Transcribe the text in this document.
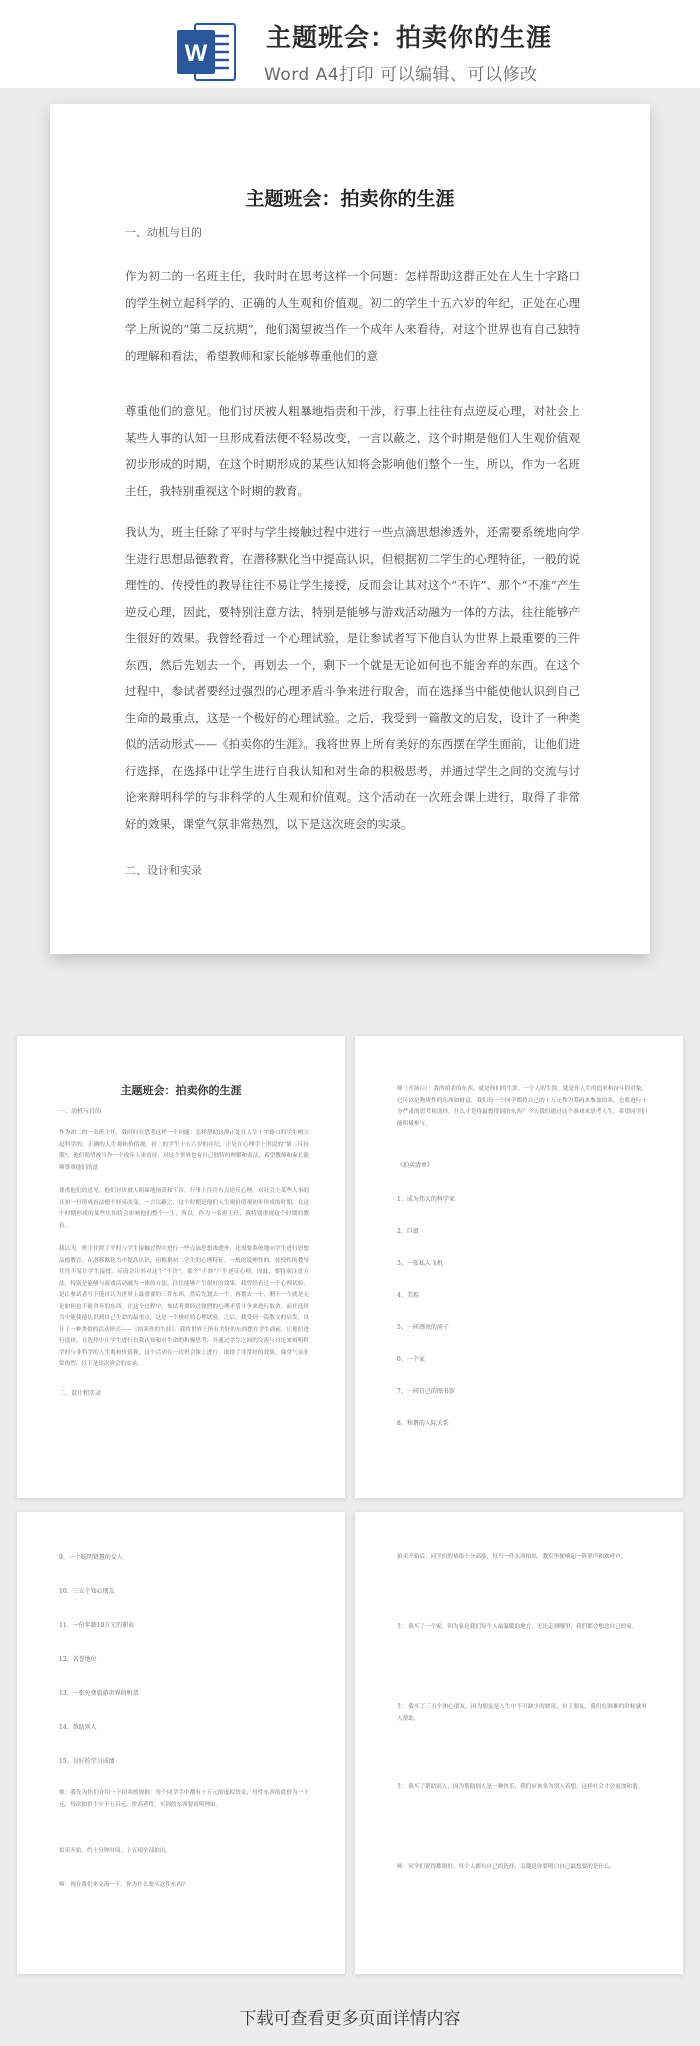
W
主题班会：拍卖你的生涯
Word A4打印 可以编辑、可以修改
主题班会：拍卖你的生涯
一、动机与目的
作为初二的一名班主任，我时时在思考这样一个问题：怎样帮助这群正处在人生十字路口的学生树立起科学的、正确的人生观和价值观。初二的学生十五六岁的年纪，正处在心理学上所说的“第二反抗期”，他们渴望被当作一个成年人来看待，对这个世界也有自己独特的理解和看法，希望教师和家长能够尊重他们的意
尊重他们的意见。他们讨厌被人粗暴地指责和干涉，行事上往往有点逆反心理，对社会上某些人事的认知一旦形成看法便不轻易改变，一言以蔽之，这个时期是他们人生观价值观初步形成的时期，在这个时期形成的某些认知将会影响他们整个一生，所以，作为一名班主任，我特别重视这个时期的教育。
我认为，班主任除了平时与学生接触过程中进行一些点滴思想渗透外，还需要系统地向学生进行思想品德教育，在潜移默化当中提高认识，但根据初二学生的心理特征，一般的说理性的、传授性的教导往往不易让学生接授，反而会让其对这个“不许”、那个“不准”产生逆反心理，因此，要特别注意方法，特别是能够与游戏活动融为一体的方法，往往能够产生很好的效果。我曾经看过一个心理试验，是让参试者写下他自认为世界上最重要的三件东西，然后先划去一个，再划去一个，剩下一个就是无论如何也不能舍弃的东西。在这个过程中，参试者要经过强烈的心理矛盾斗争来进行取舍，而在选择当中能使他认识到自己生命的最重点，这是一个极好的心理试验。之后，我受到一篇散文的启发，设计了一种类似的活动形式——《拍卖你的生涯》。我将世界上所有美好的东西摆在学生面前，让他们进行选择，在选择中让学生进行自我认知和对生命的积极思考，并通过学生之间的交流与讨论来辩明科学的与非科学的人生观和价值观。这个活动在一次班会课上进行，取得了非常好的效果，课堂气氛非常热烈，以下是这次班会的实录。
二、设计和实录
主题班会：拍卖你的生涯
一、动机与目的
作为初二的一名班主任，我时时在思考这样一个问题：怎样帮助这群正处在人生十字路口的学生树立起科学的、正确的人生观和价值观。初二的学生十五六岁的年纪，正处在心理学上所说的“第二反抗期”，他们渴望被当作一个成年人来看待，对这个世界也有自己独特的理解和看法，希望教师和家长能够尊重他们的意
尊重他们的意见。他们讨厌被人粗暴地指责和干涉，行事上往往有点逆反心理，对社会上某些人事的认知一旦形成看法便不轻易改变，一言以蔽之，这个时期是他们人生观价值观初步形成的时期，在这个时期形成的某些认知将会影响他们整个一生，所以，作为一名班主任，我特别重视这个时期的教育。
我认为，班主任除了平时与学生接触过程中进行一些点滴思想渗透外，还需要系统地向学生进行思想品德教育，在潜移默化当中提高认识，但根据初二学生的心理特征，一般的说理性的、传授性的教导往往不易让学生接授，反而会让其对这个“不许”、那个“不准”产生逆反心理，因此，要特别注意方法，特别是能够与游戏活动融为一体的方法，往往能够产生很好的效果。我曾经看过一个心理试验，是让参试者写下他自认为世界上最重要的三件东西，然后先划去一个，再划去一个，剩下一个就是无论如何也不能舍弃的东西。在这个过程中，参试者要经过强烈的心理矛盾斗争来进行取舍，而在选择当中能使他认识到自己生命的最重点，这是一个极好的心理试验。之后，我受到一篇散文的启发，设计了一种类似的活动形式——《拍卖你的生涯》。我将世界上所有美好的东西摆在学生面前，让他们进行选择，在选择中让学生进行自我认知和对生命的积极思考，并通过学生之间的交流与讨论来辩明科学的与非科学的人生观和价值观。这个活动在一次班会课上进行，取得了非常好的效果，课堂气氛非常热烈，以下是这次班会的实录。
二、设计和实录
师（开场白）：我所拍卖的东西，就是你们的生涯。一个人的生涯，就是你人生的追求和奋斗的对象。它可以是物质性的东西如财富，我们每一个同学都将自己的十万元作为筹码来参加拍卖，也要进行十分严肃的思考和选择，什么才是你最想得到的东西？今天我们通过这个游戏来思考人生，希望同学们能积极参与。
《拍卖清单》
1、成为伟大的科学家
2、巨富
3、一张私人飞机
4、美貌
5、一间漂亮的房子
6、一个家
7、一间自己的图书馆
8、和谐的人际关系
9、一个聪明贤慧的女人
10、三五个知心朋友
11、一份年薪10万元的职业
12、名誉地位
13、一张免费旅游世界的机票
14、帮助别人
15、良好的学习成绩
师：我先为你们介绍一下拍卖的规则：每个同学手中都有十万元的虚拟资金，每件东西的底价为一千元，每次加价不少于五百元，价高者得。买到的东西要说明理由。
拍卖开始，约十分钟时间，十五项全部拍出。
师：现在我们来交流一下，你为什么要买这件东西？
拍卖开始后，同学们的情绪十分高涨，每当一件东西拍出，教室里便响起一阵掌声和欢呼声。
生：我买了一个家，因为家是我们每个人最温暖的地方，无论走到哪里，我们都会想念自己的家。
生：我买了三五个知心朋友，因为朋友是人生中不可缺少的财富，有了朋友，我们在困难的时候就有人帮助。
生：我买了帮助别人，因为帮助别人是一种快乐，我们应该多为别人着想，这样社会才会更加和谐。
师：同学们说得都很好，每个人都有自己的选择，关键是你要明白自己最想要的是什么。
下载可查看更多页面详情内容
